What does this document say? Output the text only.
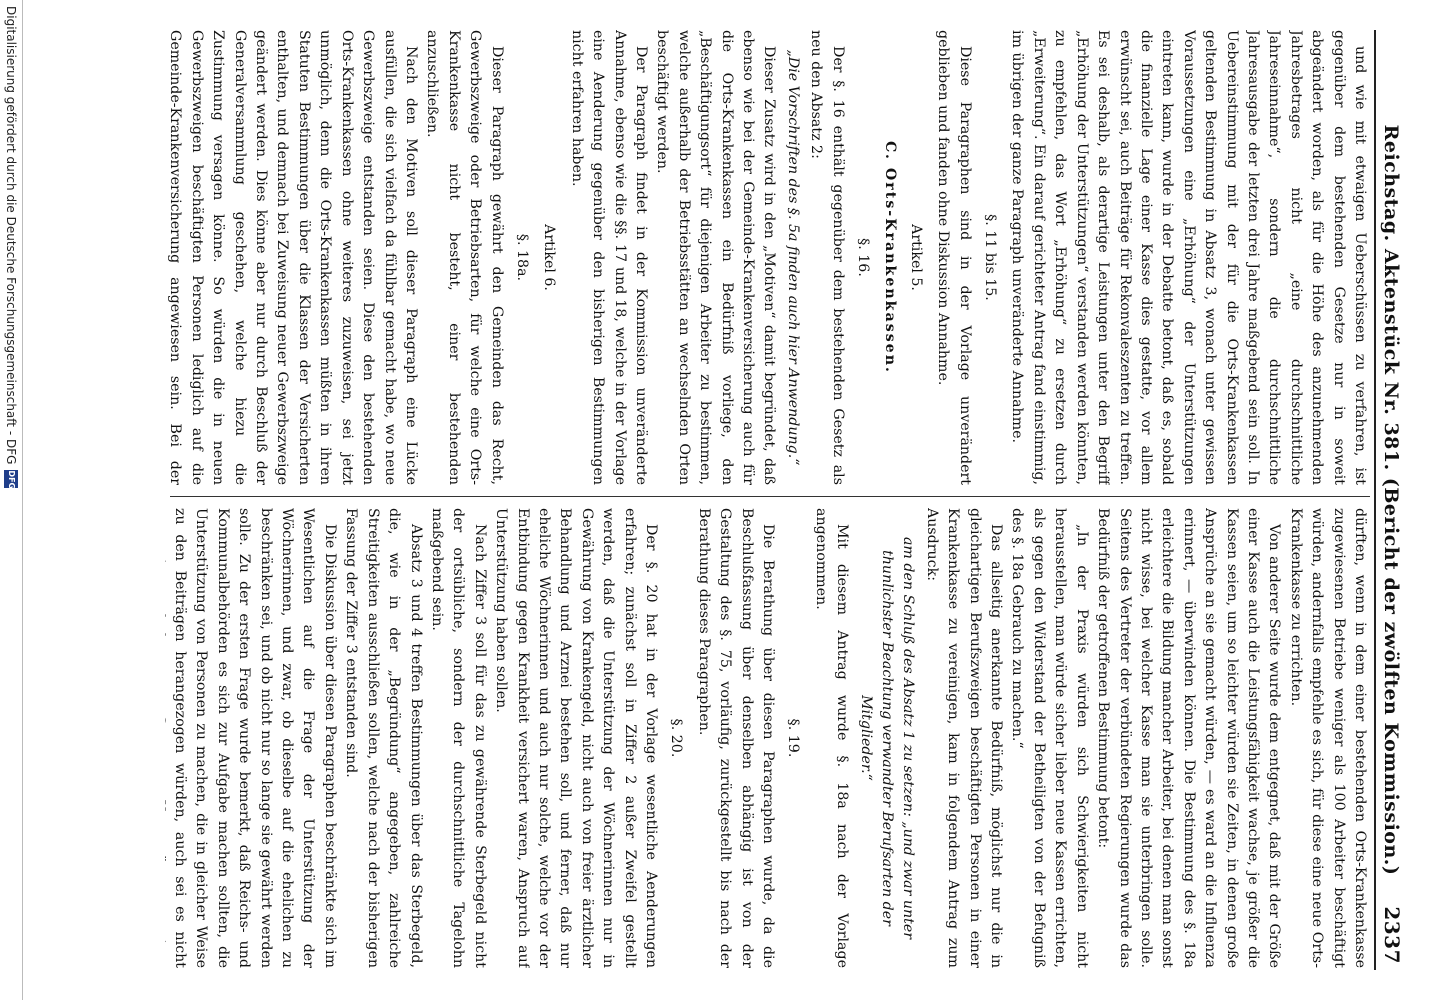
Reichstag. Aktenstück Nr. 381. (Bericht der zwölften Kommission.)
2337

und wie mit etwaigen Ueberschüssen zu verfahren, ist gegenüber dem bestehenden Gesetze nur in soweit abgeändert worden, als für die Höhe des anzunehmenden Jahresbetrages nicht „eine durchschnittliche Jahreseinnahme“, sondern die durchschnittliche Jahresausgabe der letzten drei Jahre maßgebend sein soll. In Uebereinstimmung mit der für die Orts-Krankenkassen geltenden Bestimmung in Absatz 3, wonach unter gewissen Voraussetzungen eine „Erhöhung“ der Unterstützungen eintreten kann, wurde in der Debatte betont, daß es, sobald die finanzielle Lage einer Kasse dies gestatte, vor allem erwünscht sei, auch Beiträge für Rekonvaleszenten zu treffen. Es sei deshalb, als derartige Leistungen unter den Begriff „Erhöhung der Unterstützungen“ verstanden werden könnten, zu empfehlen, das Wort „Erhöhung“ zu ersetzen durch „Erweiterung“. Ein darauf gerichteter Antrag fand einstimmig, im übrigen der ganze Paragraph unveränderte Annahme.

§. 11 bis 15.

Diese Paragraphen sind in der Vorlage unverändert geblieben und fanden ohne Diskussion Annahme.

Artikel 5.

C. Orts-Krankenkassen.

§. 16.

Der §. 16 enthält gegenüber dem bestehenden Gesetz als neu den Absatz 2:

„Die Vorschriften des §. 5a finden auch hier Anwendung.“

Dieser Zusatz wird in den „Motiven“ damit begründet, daß ebenso wie bei der Gemeinde-Krankenversicherung auch für die Orts-Krankenkassen ein Bedürfniß vorliege, den „Beschäftigungsort“ für diejenigen Arbeiter zu bestimmen, welche außerhalb der Betriebsstätten an wechselnden Orten beschäftigt werden.

Der Paragraph findet in der Kommission unveränderte Annahme, ebenso wie die §§. 17 und 18, welche in der Vorlage eine Aenderung gegenüber den bisherigen Bestimmungen nicht erfahren haben.

Artikel 6.

§. 18a.

Dieser Paragraph gewährt den Gemeinden das Recht, Gewerbszweige oder Betriebsarten, für welche eine Orts-Krankenkasse nicht besteht, einer bestehenden anzuschließen.

Nach den Motiven soll dieser Paragraph eine Lücke ausfüllen, die sich vielfach da fühlbar gemacht habe, wo neue Gewerbszweige entstanden seien. Diese den bestehenden Orts-Krankenkassen ohne weiteres zuzuweisen, sei jetzt unmöglich, denn die Orts-Krankenkassen müßten in ihren Statuten Bestimmungen über die Klassen der Versicherten enthalten, und demnach bei Zuweisung neuer Gewerbszweige geändert werden. Dies könne aber nur durch Beschluß der Generalversammlung geschehen, welche hiezu die Zustimmung versagen könne. So würden die in neuen Gewerbszweigen beschäftigten Personen lediglich auf die Gemeinde-Krankenversicherung angewiesen sein. Bei der

dürften, wenn in dem einer bestehenden Orts-Krankenkasse zugewiesenen Betriebe weniger als 100 Arbeiter beschäftigt würden, andernfalls empfehle es sich, für diese eine neue Orts-Krankenkasse zu errichten.

Von anderer Seite wurde dem entgegnet, daß mit der Größe einer Kasse auch die Leistungsfähigkeit wachse, je größer die Kassen seien, um so leichter würden sie Zeiten, in denen große Ansprüche an sie gemacht würden, — es ward an die Influenza erinnert, — überwinden können. Die Bestimmung des §. 18a erleichtere die Bildung mancher Arbeiter, bei denen man sonst nicht wisse, bei welcher Kasse man sie unterbringen solle. Seitens des Vertreter der verbündeten Regierungen wurde das Bedürfniß der getroffenen Bestimmung betont:

„In der Praxis würden sich Schwierigkeiten nicht herausstellen, man würde sicher lieber neue Kassen errichten, als gegen den Widerstand der Betheiligten von der Befugniß des §. 18a Gebrauch zu machen.“

Das allseitig anerkannte Bedürfniß, möglichst nur die in gleichartigen Berufszweigen beschäftigten Personen in einer Krankenkasse zu vereinigen, kam in folgendem Antrag zum Ausdruck:

am den Schluß des Absatz 1 zu setzen: „und zwar unter thunlichster Beachtung verwandter Berufsarten der Mitglieder.“

Mit diesem Antrag wurde §. 18a nach der Vorlage angenommen.

§. 19.

Die Berathung über diesen Paragraphen wurde, da die Beschlußfassung über denselben abhängig ist von der Gestaltung des §. 75, vorläufig, zurückgestellt bis nach der Berathung dieses Paragraphen.

§. 20.

Der §. 20 hat in der Vorlage wesentliche Aenderungen erfahren; zunächst soll in Ziffer 2 außer Zweifel gestellt werden, daß die Unterstützung der Wöchnerinnen nur in Gewährung von Krankengeld, nicht auch von freier ärztlicher Behandlung und Arznei bestehen soll, und ferner, daß nur eheliche Wöchnerinnen und auch nur solche, welche vor der Entbindung gegen Krankheit versichert waren, Anspruch auf Unterstützung haben sollen.

Nach Ziffer 3 soll für das zu gewährende Sterbegeld nicht der ortsübliche, sondern der durchschnittliche Tagelohn maßgebend sein.

Absatz 3 und 4 treffen Bestimmungen über das Sterbegeld, die, wie in der „Begründung“ angegeben, zahlreiche Streitigkeiten ausschließen sollen, welche nach der bisherigen Fassung der Ziffer 3 entstanden sind.

Die Diskussion über diesen Paragraphen beschränkte sich im Wesentlichen auf die Frage der Unterstützung der Wöchnerinnen, und zwar, ob dieselbe auf die ehelichen zu beschränken sei, und ob nicht nur so lange sie gewährt werden solle. Zu der ersten Frage wurde bemerkt, daß Reichs- und Kommunalbehörden es sich zur Aufgabe machen sollten, die Unterstützung von Personen zu machen, die in gleicher Weise zu den Beiträgen herangezogen würden, auch sei es nicht

Digitalisierung gefördert durch die Deutsche Forschungsgemeinschaft - DFG
DFG
